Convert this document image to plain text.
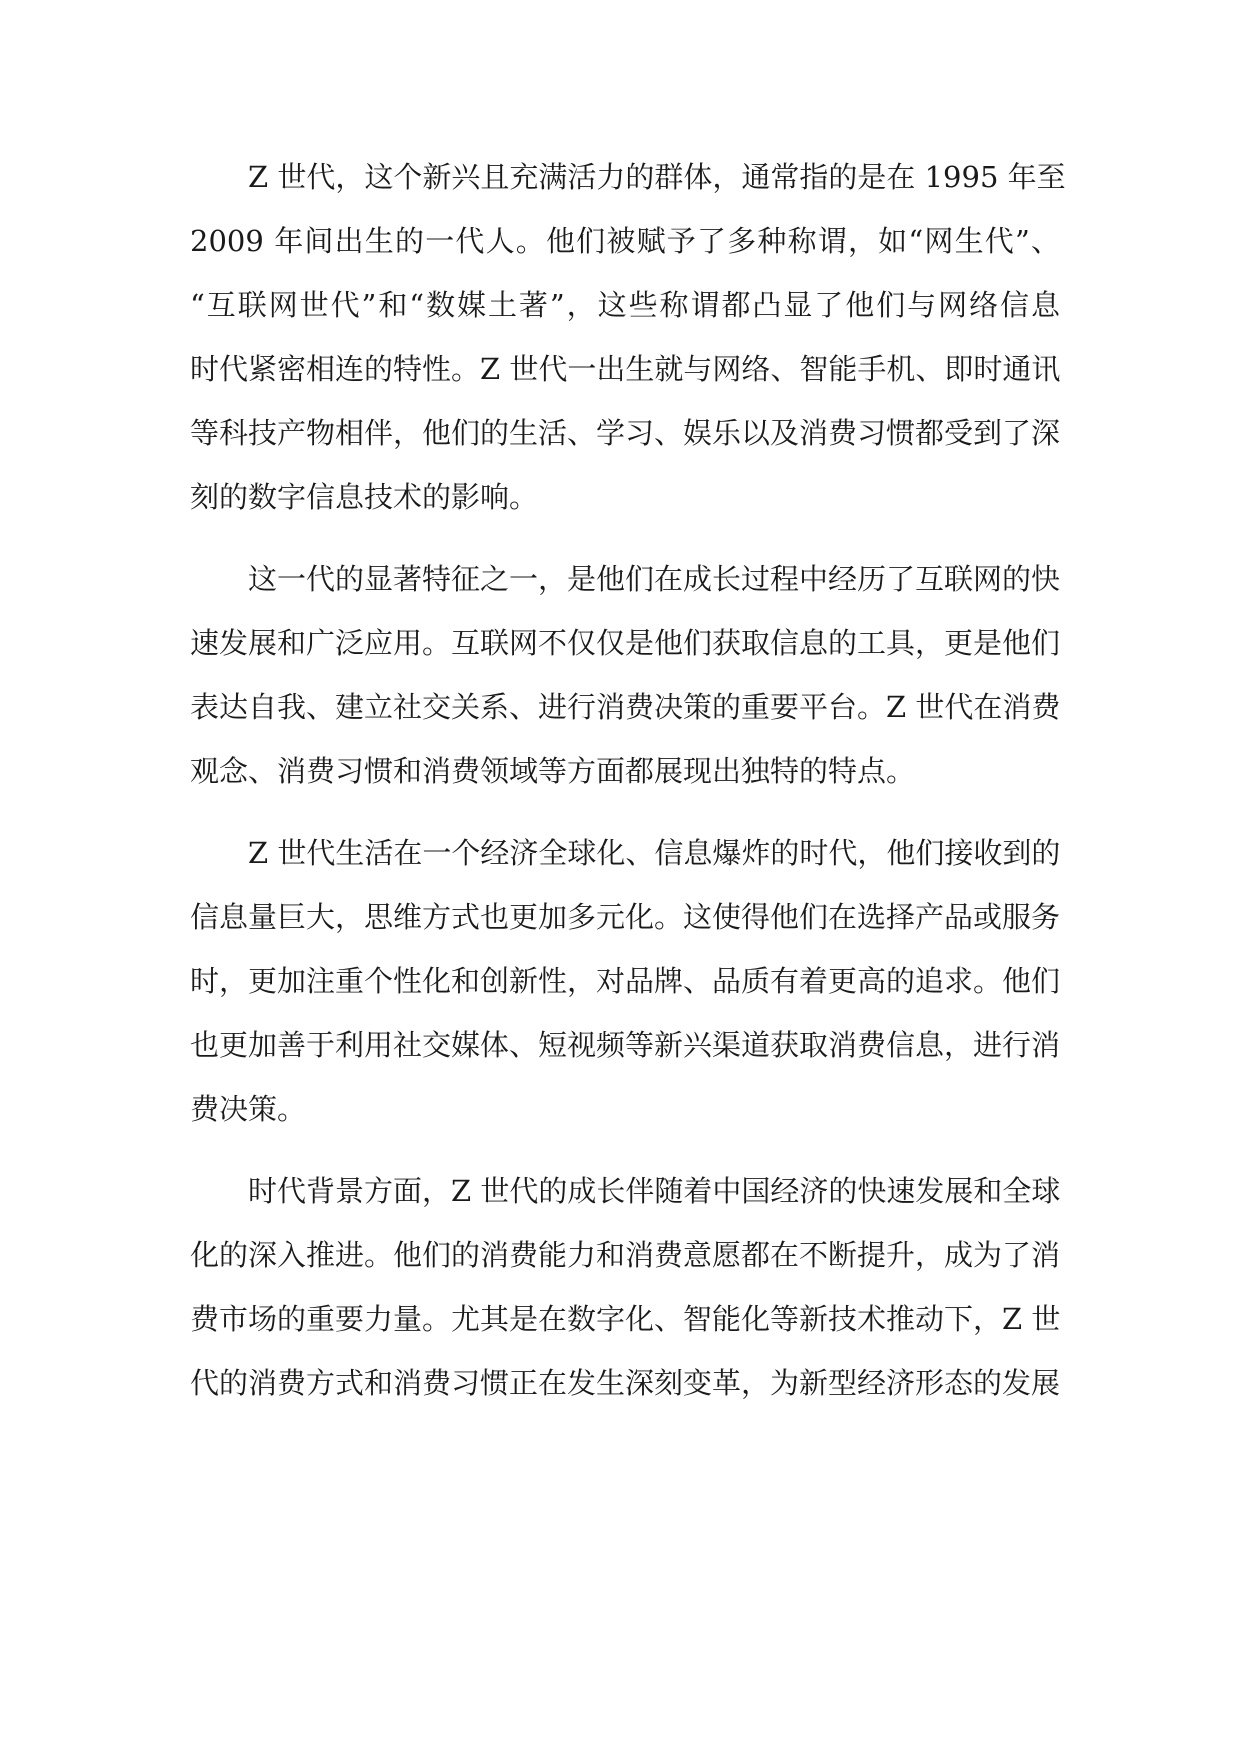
Z 世代，这个新兴且充满活力的群体，通常指的是在 1995 年至
2009 年间出生的一代人。他们被赋予了多种称谓，如“网生代”、
“互联网世代”和“数媒土著”，这些称谓都凸显了他们与网络信息
时代紧密相连的特性。Z 世代一出生就与网络、智能手机、即时通讯
等科技产物相伴，他们的生活、学习、娱乐以及消费习惯都受到了深
刻的数字信息技术的影响。
这一代的显著特征之一，是他们在成长过程中经历了互联网的快
速发展和广泛应用。互联网不仅仅是他们获取信息的工具，更是他们
表达自我、建立社交关系、进行消费决策的重要平台。Z 世代在消费
观念、消费习惯和消费领域等方面都展现出独特的特点。
Z 世代生活在一个经济全球化、信息爆炸的时代，他们接收到的
信息量巨大，思维方式也更加多元化。这使得他们在选择产品或服务
时，更加注重个性化和创新性，对品牌、品质有着更高的追求。他们
也更加善于利用社交媒体、短视频等新兴渠道获取消费信息，进行消
费决策。
时代背景方面，Z 世代的成长伴随着中国经济的快速发展和全球
化的深入推进。他们的消费能力和消费意愿都在不断提升，成为了消
费市场的重要力量。尤其是在数字化、智能化等新技术推动下，Z 世
代的消费方式和消费习惯正在发生深刻变革，为新型经济形态的发展
